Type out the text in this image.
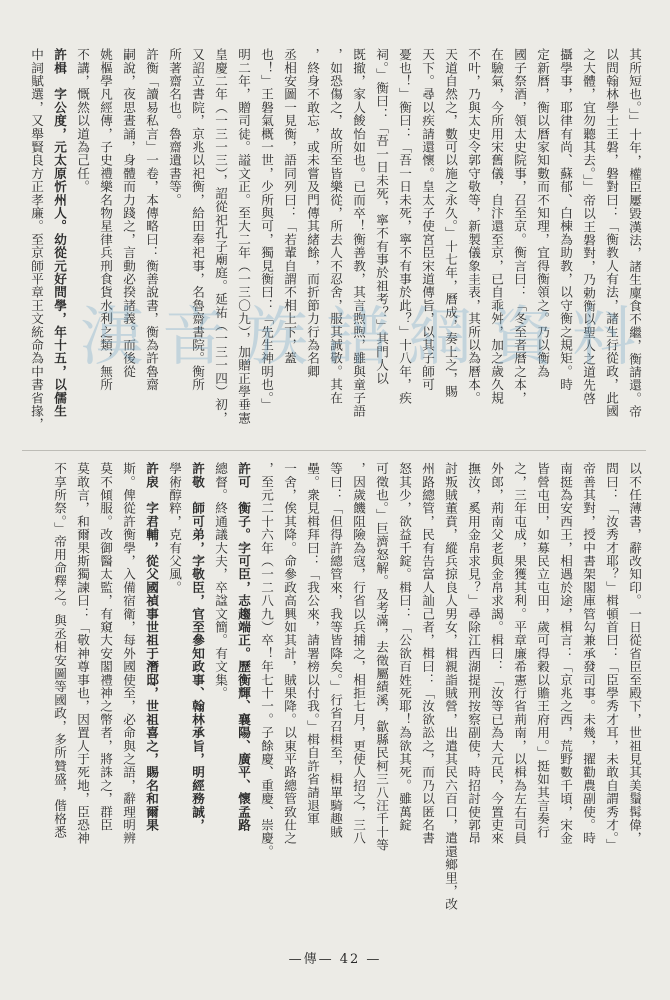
其所短也。」」十年，權臣屢毀漢法，諸生廩食不繼，衡請還。帝
以問翰林學士王磐，磐對曰：「衡教人有法，諸生行從政，此國
之大體，宜勿聽其去。」」帝以王磐對，乃勅衡以聖人之道先啓
攝學事，耶律有尚、蘇郁、白棟為助教，以守衡之規矩。時
定新曆，衡以曆家知數而不知理，宜得衡領之。乃以衡為
國子祭酒，領太史院事，召至京。衡言曰：「冬至者曆之本，
在驗氣，今所用宋舊儀，自汴還至京，已自乖舛，加之歲久規
不叶，乃與太史令郭守敬等，新製儀象圭表，其所以為曆本。
天道自然之，數可以施之永久。」十七年，曆成，奏上之，賜
天下。尋以疾請還懷。皇太子使宮臣宋道傳旨，以其子師可
憂也！」衡曰：「吾一日未死，寧不有事於此？」十八年，疾
祠。」衡曰：「吾一日未死，寧不有事於祖考？」其門人以
既撤，家人餕怡如也。已而卒！衡善教，其言煦煦，雖與童子語
，如恐傷之，故所至皆樂從，所去人不忍舍，服其誠敬。其在
，終身不敢忘，或未嘗及門傳其緒餘，而折節力行為名卿
丞相安圖一見衡，語同列曰：「若輩自謂不相上下，蓋
也！」王磐氣概一世，少所與可，獨見衡曰：「先生神明也。」
明二年，贈司徒。謚文正。至大二年（一三〇九），加贈正學垂憲
皇慶二年（一三一三），詔從祀孔子廟庭。延祐（一三一四）初，
又詔立書院，京兆以祀衡，給田奉祀事，名魯齋書院。衡所
所著齋名也。魯齋遺書等。
許衡「讀易私言」一卷，本傳略曰：衡善說書，衡為許魯齋
嗣說，夜思晝誦，身體而力踐之，言動必揆諸義。而後從
姚樞學凡經傳，子史禮樂名物星律兵刑食貨水利之類，無所
不講，慨然以道為己任。
許楫　字公度，元太原忻州人。幼從元好問學，年十五，以儒生
中詞賦選，又舉賢良方正孝廉。至京師平章王文統命為中書省掾，
以不任薄書，辭改知印。一日從省臣至殿下，世祖見其美鬚髯偉，
問曰：「汝秀才耶？」楫頓首曰：「臣學秀才耳，未敢自謂秀才。」
帝善其對，授中書架閣庫管勾兼承發司事。未幾，擢勸農副使。時
南挺為安西王，相遇於途，楫言：「京兆之西，荒野數千頃，宋金
皆營屯田，如募民立屯田，歲可得穀以贍王府用。」挺如其言奏行
之，三年屯成，果獲其利。平章廉希憲行省荊南，以楫為左右司員
外郎，荊南父老與金帛求謁。楫曰：「汝等已為大元民，今置吏來
撫汝，奚用金帛求見？」尋除江西湖提刑按察副使，時招討使郭昂
討叛賊董賁，縱兵掠良人男女，楫親詣賊營，出遣其民六百口，遣還鄉里，改
州路總管，民有告富人訕己者，楫曰：「汝欲訟之，而乃以匿名書
怒其少，欲益千錠。楫曰：「公欲百姓死耶！為欲其死。雖萬錠
可徵也。」巨濟怒解。及考滿，去徵屬績溪，歙縣民柯三八汪千十等
，因歲饑阻險為寇，行省以兵捕之，相拒七月，更使人招之，三八
等曰：「但得許總管來，我等皆降矣。」行省召楫至，楫單騎趣賊
壘。衆見楫拜曰：「我公來，請署榜以付我。」楫自許省請退軍
一舍，俟其降。命參政高興如其計，賊果降。以東平路總管致仕之
，至元二十六年（一二八九）卒！年七十一。子餘慶、重慶、崇慶。
許可　衡子。字可臣，志趨端正。歷衡輝、襄陽、廣平、懷孟路
總督。終通議大夫，卒諡文簡。有文集。
許敬　師可弟，字敬臣，官至參知政事、翰林承旨，明經務誠，
學術醇粹，克有父風。
許扆　字君輔，從父國禎事世祖于潛邸，世祖喜之，賜名和爾果
斯。俾從許衡學，入備宿衛，每外國使至，必命與之語，辭理明辨
莫不傾服。改御醫太監，有窺大安閣禮神之幣者，將誅之，群臣
莫敢言，和爾果斯獨諫曰：「敬神尊事也，因置人于死地，臣恐神
不享所祭。」帝用命釋之。與丞相安圖等國政，多所贊盛，偕格悉
漢音族譜網資料
—傳— 42 —
